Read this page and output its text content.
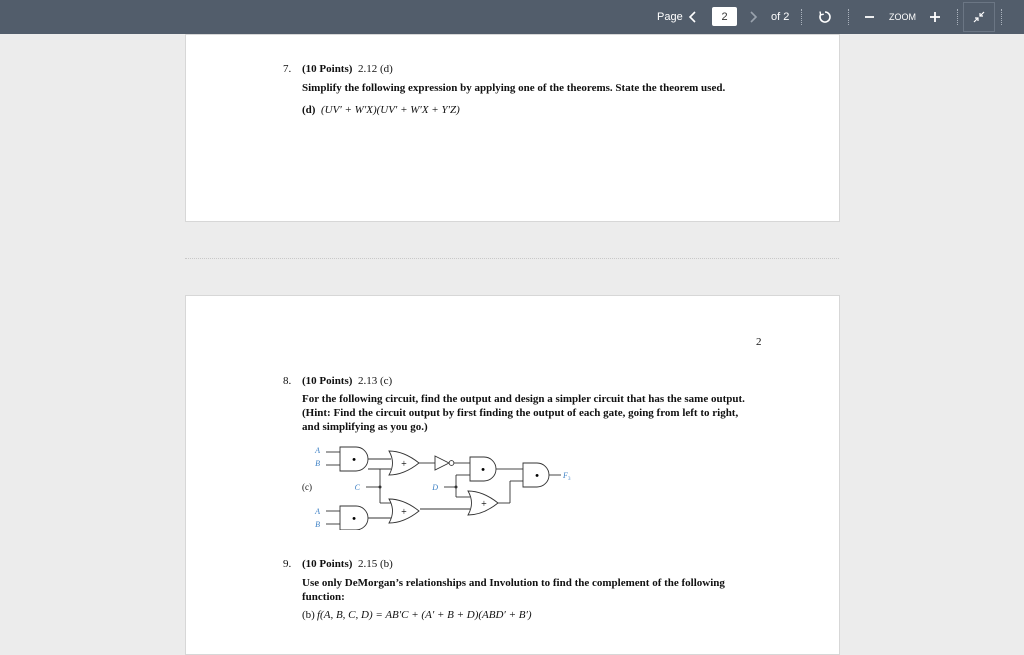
Page
2	of 2	ZOOM
7. (10 Points) 2.12 (d)
Simplify the following expression by applying one of the theorems. State the theorem used.
(d) (UV′ + W′X)(UV′ + W′X + Y′Z)
2
8. (10 Points) 2.13 (c)
For the following circuit, find the output and design a simpler circuit that has the same output. (Hint: Find the circuit output by first finding the output of each gate, going from left to right, and simplifying as you go.)
A
B
C	D
A
B
F 3
•	+	•
+
•
•
+
(c)
9. (10 Points) 2.15 (b)
Use only DeMorgan’s relationships and Involution to find the complement of the following function:
(b) f(A, B, C, D) = AB′C + (A′ + B + D)(ABD′ + B′)
